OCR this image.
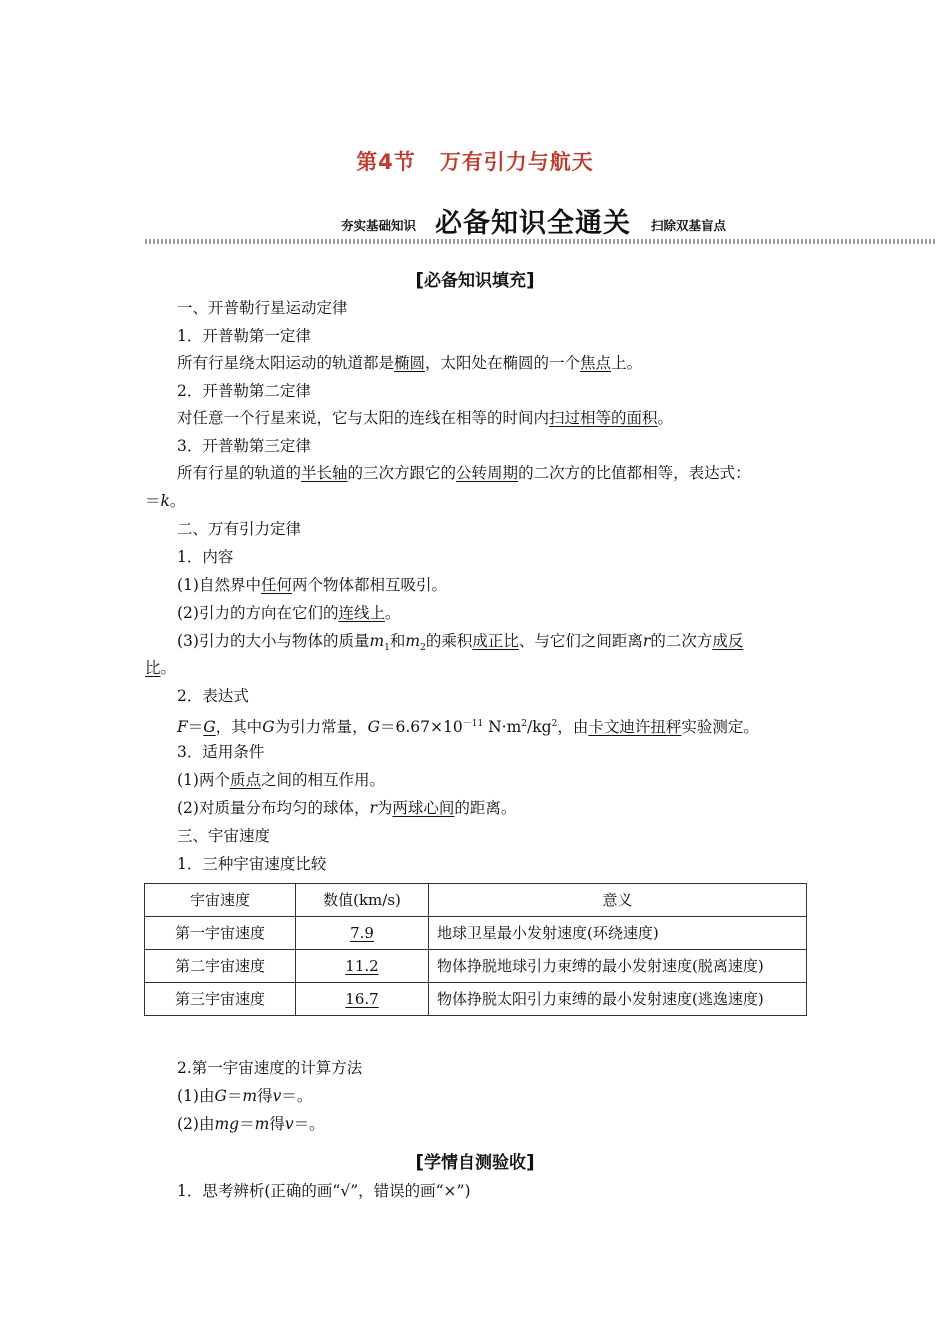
第4节 万有引力与航天
夯实基础知识 必备知识全通关 扫除双基盲点
[必备知识填充]
一、开普勒行星运动定律
1．开普勒第一定律
所有行星绕太阳运动的轨道都是椭圆，太阳处在椭圆的一个焦点上。
2．开普勒第二定律
对任意一个行星来说，它与太阳的连线在相等的时间内扫过相等的面积。
3．开普勒第三定律
所有行星的轨道的半长轴的三次方跟它的公转周期的二次方的比值都相等，表达式：
＝k。
二、万有引力定律
1．内容
(1)自然界中任何两个物体都相互吸引。
(2)引力的方向在它们的连线上。
(3)引力的大小与物体的质量$m_1$和$m_2$的乘积成正比、与它们之间距离r的二次方成反
比。
2．表达式
F＝G，其中G为引力常量，$G=6.67\times 10^{-11}$ $N\cdot m^2/kg^2$，由卡文迪许扭秤实验测定。
3．适用条件
(1)两个质点之间的相互作用。
(2)对质量分布均匀的球体，r为两球心间的距离。
三、宇宙速度
1．三种宇宙速度比较
宇宙速度	数值(km/s)	意义
第一宇宙速度	7.9	地球卫星最小发射速度(环绕速度)
第二宇宙速度	11.2	物体挣脱地球引力束缚的最小发射速度(脱离速度)
第三宇宙速度	16.7	物体挣脱太阳引力束缚的最小发射速度(逃逸速度)
2.第一宇宙速度的计算方法
(1)由G＝m得v＝。
(2)由mg＝m得v＝。
[学情自测验收]
1．思考辨析(正确的画“√”，错误的画“×”)
